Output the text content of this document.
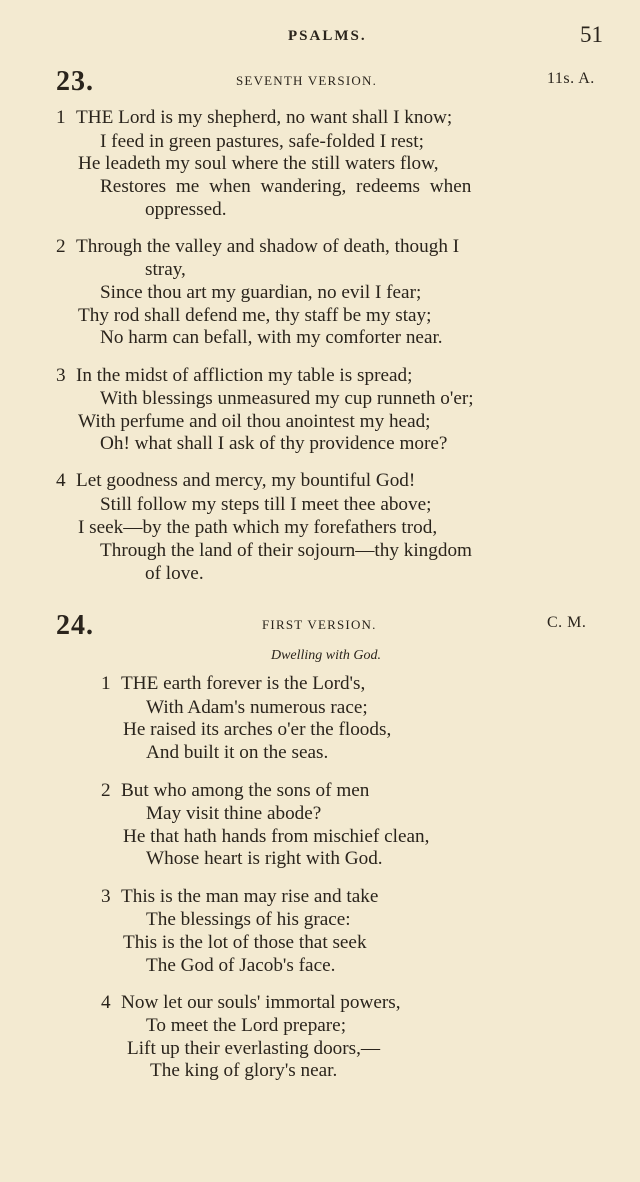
PSALMS.	51
23.	SEVENTH VERSION.	11s. A.
1 THE Lord is my shepherd, no want shall I know;
I feed in green pastures, safe-folded I rest;
He leadeth my soul where the still waters flow,
Restores me when wandering, redeems when
oppressed.
2 Through the valley and shadow of death, though I
stray,
Since thou art my guardian, no evil I fear;
Thy rod shall defend me, thy staff be my stay;
No harm can befall, with my comforter near.
3 In the midst of affliction my table is spread;
With blessings unmeasured my cup runneth o'er;
With perfume and oil thou anointest my head;
Oh! what shall I ask of thy providence more?
4 Let goodness and mercy, my bountiful God!
Still follow my steps till I meet thee above;
I seek—by the path which my forefathers trod,
Through the land of their sojourn—thy kingdom
of love.
24.	FIRST VERSION.	C. M.
Dwelling with God.
1 THE earth forever is the Lord's,
With Adam's numerous race;
He raised its arches o'er the floods,
And built it on the seas.
2 But who among the sons of men
May visit thine abode?
He that hath hands from mischief clean,
Whose heart is right with God.
3 This is the man may rise and take
The blessings of his grace:
This is the lot of those that seek
The God of Jacob's face.
4 Now let our souls' immortal powers,
To meet the Lord prepare;
Lift up their everlasting doors,—
The king of glory's near.
